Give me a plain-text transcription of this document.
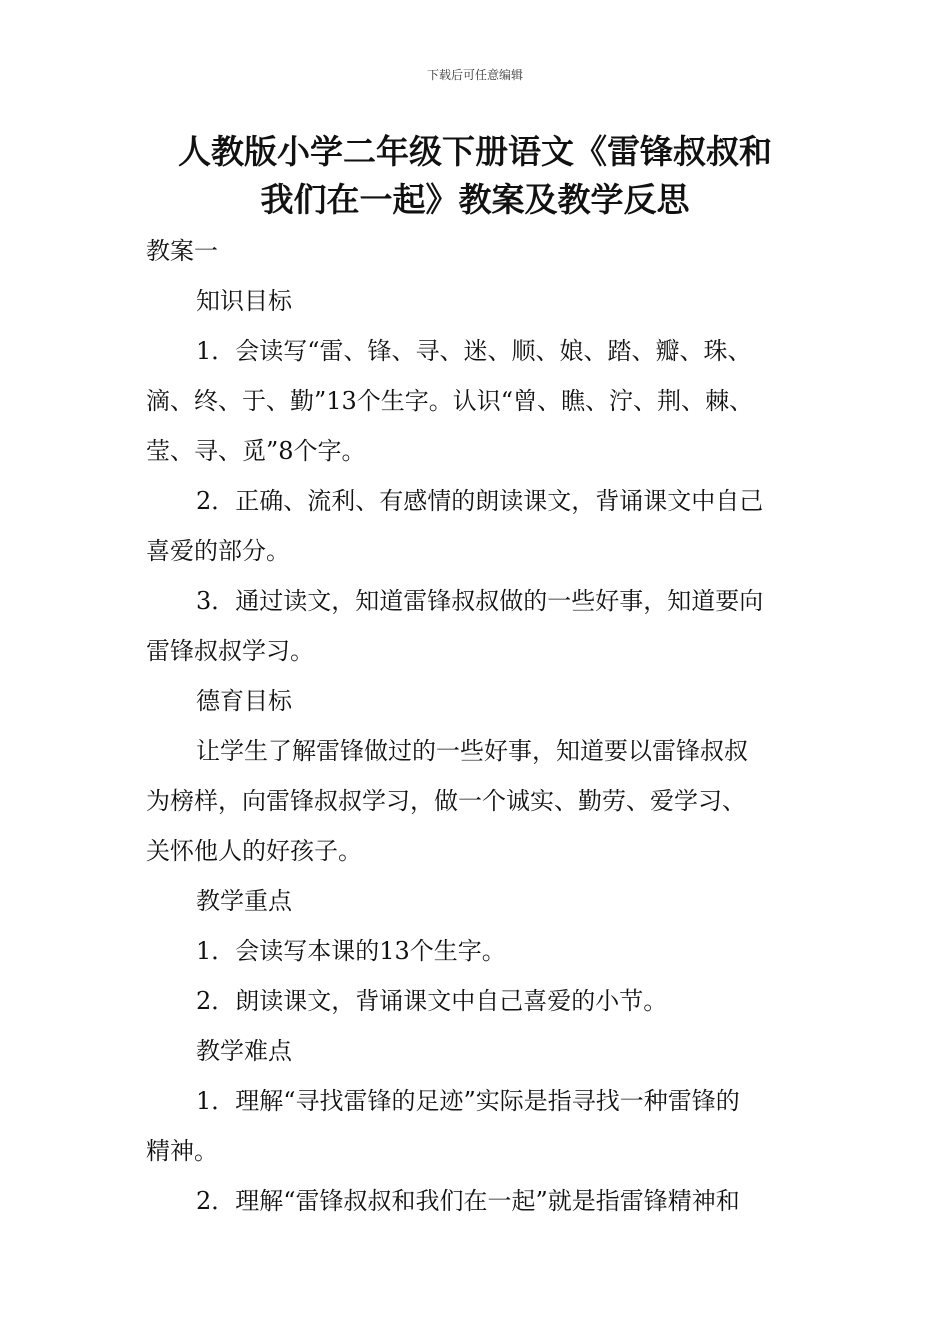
下载后可任意编辑
人教版小学二年级下册语文《雷锋叔叔和
我们在一起》教案及教学反思
教案一
知识目标
1．会读写“雷、锋、寻、迷、顺、娘、踏、瓣、珠、
滴、终、于、勤”13个生字。认识“曾、瞧、泞、荆、棘、
莹、寻、觅”8个字。
2．正确、流利、有感情的朗读课文，背诵课文中自己
喜爱的部分。
3．通过读文，知道雷锋叔叔做的一些好事，知道要向
雷锋叔叔学习。
德育目标
让学生了解雷锋做过的一些好事，知道要以雷锋叔叔
为榜样，向雷锋叔叔学习，做一个诚实、勤劳、爱学习、
关怀他人的好孩子。
教学重点
1．会读写本课的13个生字。
2．朗读课文，背诵课文中自己喜爱的小节。
教学难点
1．理解“寻找雷锋的足迹”实际是指寻找一种雷锋的
精神。
2．理解“雷锋叔叔和我们在一起”就是指雷锋精神和
